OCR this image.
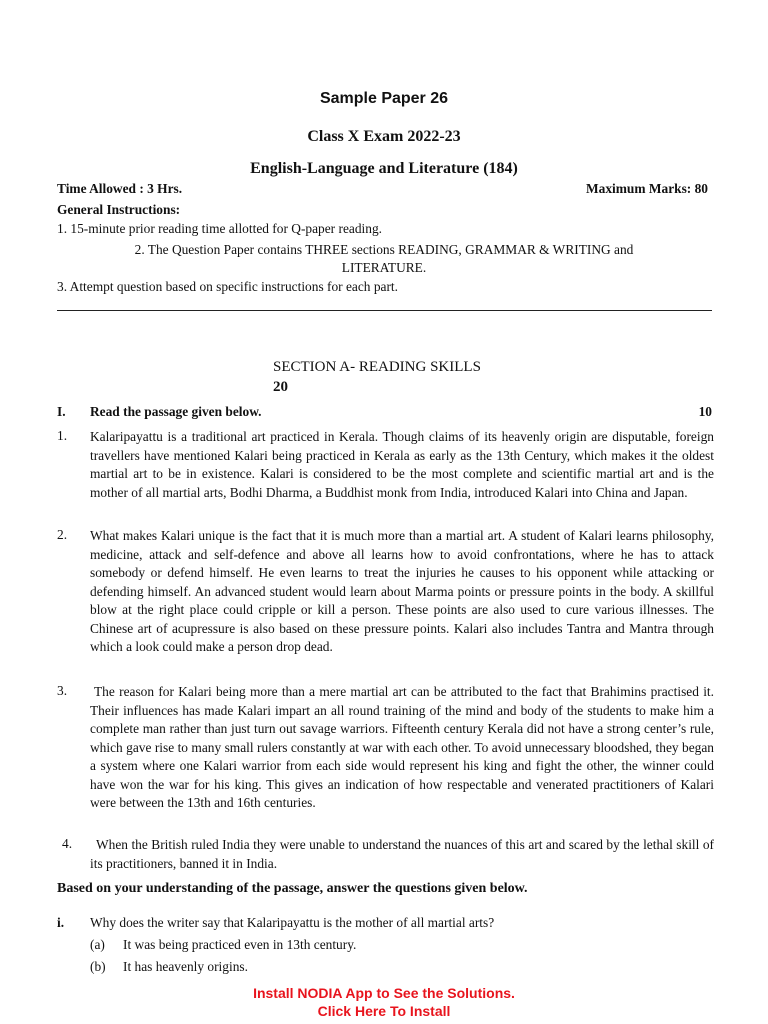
Sample Paper 26
Class X Exam 2022-23
English-Language and Literature (184)
Time Allowed : 3 Hrs.	Maximum Marks: 80
General Instructions:
1. 15-minute prior reading time allotted for Q-paper reading.
2. The Question Paper contains THREE sections READING, GRAMMAR & WRITING and
LITERATURE.
3. Attempt question based on specific instructions for each part.
SECTION A- READING SKILLS
20
I. Read the passage given below.	10
1. Kalaripayattu is a traditional art practiced in Kerala. Though claims of its heavenly origin are disputable, foreign travellers have mentioned Kalari being practiced in Kerala as early as the 13th Century, which makes it the oldest martial art to be in existence. Kalari is considered to be the most complete and scientific martial art and is the mother of all martial arts, Bodhi Dharma, a Buddhist monk from India, introduced Kalari into China and Japan.
2. What makes Kalari unique is the fact that it is much more than a martial art. A student of Kalari learns philosophy, medicine, attack and self-defence and above all learns how to avoid confrontations, where he has to attack somebody or defend himself. He even learns to treat the injuries he causes to his opponent while attacking or defending himself. An advanced student would learn about Marma points or pressure points in the body. A skillful blow at the right place could cripple or kill a person. These points are also used to cure various illnesses. The Chinese art of acupressure is also based on these pressure points. Kalari also includes Tantra and Mantra through which a look could make a person drop dead.
3. The reason for Kalari being more than a mere martial art can be attributed to the fact that Brahimins practised it. Their influences has made Kalari impart an all round training of the mind and body of the students to make him a complete man rather than just turn out savage warriors. Fifteenth century Kerala did not have a strong center’s rule, which gave rise to many small rulers constantly at war with each other. To avoid unnecessary bloodshed, they began a system where one Kalari warrior from each side would represent his king and fight the other, the winner could have won the war for his king. This gives an indication of how respectable and venerated practitioners of Kalari were between the 13th and 16th centuries.
4.	When the British ruled India they were unable to understand the nuances of this art and scared by the lethal skill of its practitioners, banned it in India.
Based on your understanding of the passage, answer the questions given below.
i. Why does the writer say that Kalaripayattu is the mother of all martial arts?
(a) It was being practiced even in 13th century.
(b) It has heavenly origins.
Install NODIA App to See the Solutions.
Click Here To Install
